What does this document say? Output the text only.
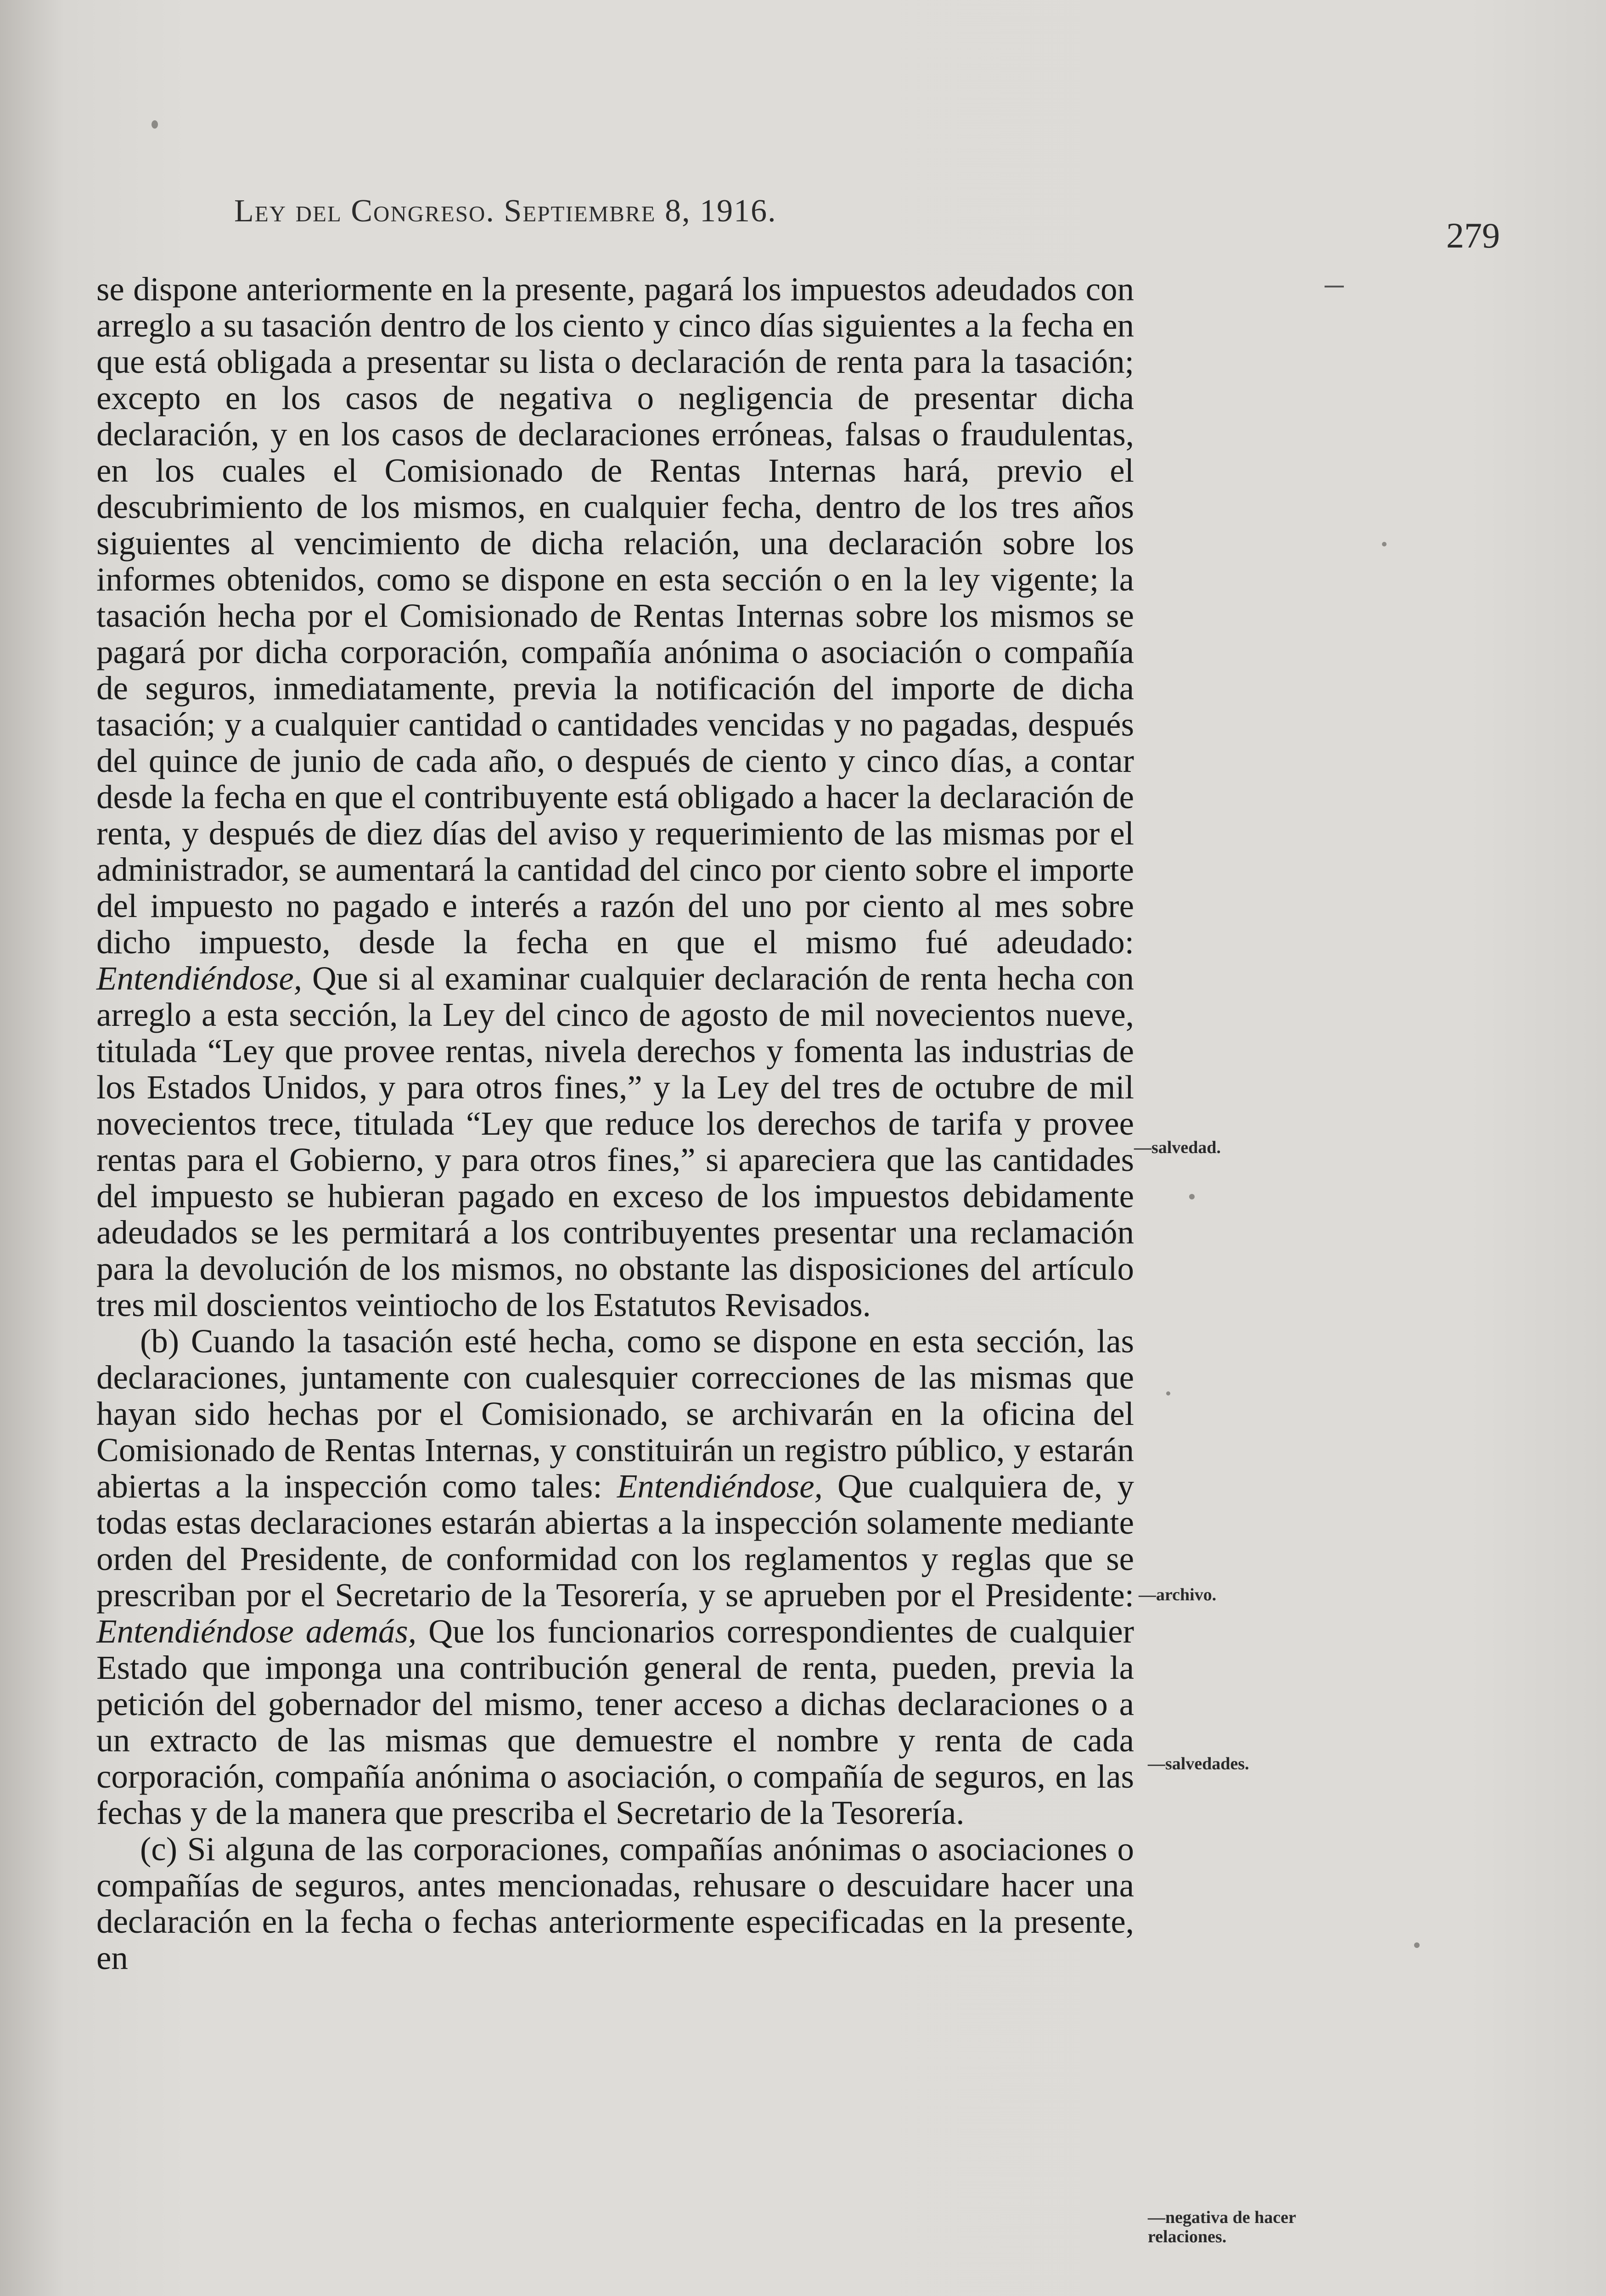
Ley del Congreso. Septiembre 8, 1916.
279

se dispone anteriormente en la presente, pagará los impuestos adeudados con arreglo a su tasación dentro de los ciento y cinco días siguientes a la fecha en que está obligada a presentar su lista o declaración de renta para la tasación; excepto en los casos de negativa o negligencia de presentar dicha declaración, y en los casos de declaraciones erróneas, falsas o fraudulentas, en los cuales el Comisionado de Rentas Internas hará, previo el descubrimiento de los mismos, en cualquier fecha, dentro de los tres años siguientes al vencimiento de dicha relación, una declaración sobre los informes obtenidos, como se dispone en esta sección o en la ley vigente; la tasación hecha por el Comisionado de Rentas Internas sobre los mismos se pagará por dicha corporación, compañía anónima o asociación o compañía de seguros, inmediatamente, previa la notificación del importe de dicha tasación; y a cualquier cantidad o cantidades vencidas y no pagadas, después del quince de junio de cada año, o después de ciento y cinco días, a contar desde la fecha en que el contribuyente está obligado a hacer la declaración de renta, y después de diez días del aviso y requerimiento de las mismas por el administrador, se aumentará la cantidad del cinco por ciento sobre el importe del impuesto no pagado e interés a razón del uno por ciento al mes sobre dicho impuesto, desde la fecha en que el mismo fué adeudado: Entendiéndose, Que si al examinar cualquier declaración de renta hecha con arreglo a esta sección, la Ley del cinco de agosto de mil novecientos nueve, titulada “Ley que provee rentas, nivela derechos y fomenta las industrias de los Estados Unidos, y para otros fines,” y la Ley del tres de octubre de mil novecientos trece, titulada “Ley que reduce los derechos de tarifa y provee rentas para el Gobierno, y para otros fines,” si apareciera que las cantidades del impuesto se hubieran pagado en exceso de los impuestos debidamente adeudados se les permitará a los contribuyentes presentar una reclamación para la devolución de los mismos, no obstante las disposiciones del artículo tres mil doscientos veintiocho de los Estatutos Revisados.

(b) Cuando la tasación esté hecha, como se dispone en esta sección, las declaraciones, juntamente con cualesquier correcciones de las mismas que hayan sido hechas por el Comisionado, se archivarán en la oficina del Comisionado de Rentas Internas, y constituirán un registro público, y estarán abiertas a la inspección como tales: Entendiéndose, Que cualquiera de, y todas estas declaraciones estarán abiertas a la inspección solamente mediante orden del Presidente, de conformidad con los reglamentos y reglas que se prescriban por el Secretario de la Tesorería, y se aprueben por el Presidente: Entendiéndose además, Que los funcionarios correspondientes de cualquier Estado que imponga una contribución general de renta, pueden, previa la petición del gobernador del mismo, tener acceso a dichas declaraciones o a un extracto de las mismas que demuestre el nombre y renta de cada corporación, compañía anónima o asociación, o compañía de seguros, en las fechas y de la manera que prescriba el Secretario de la Tesorería.

(c) Si alguna de las corporaciones, compañías anónimas o asociaciones o compañías de seguros, antes mencionadas, rehusare o descuidare hacer una declaración en la fecha o fechas anteriormente especificadas en la presente, en

—salvedad.
—archivo.
—salvedades.
—negativa de hacer
relaciones.
